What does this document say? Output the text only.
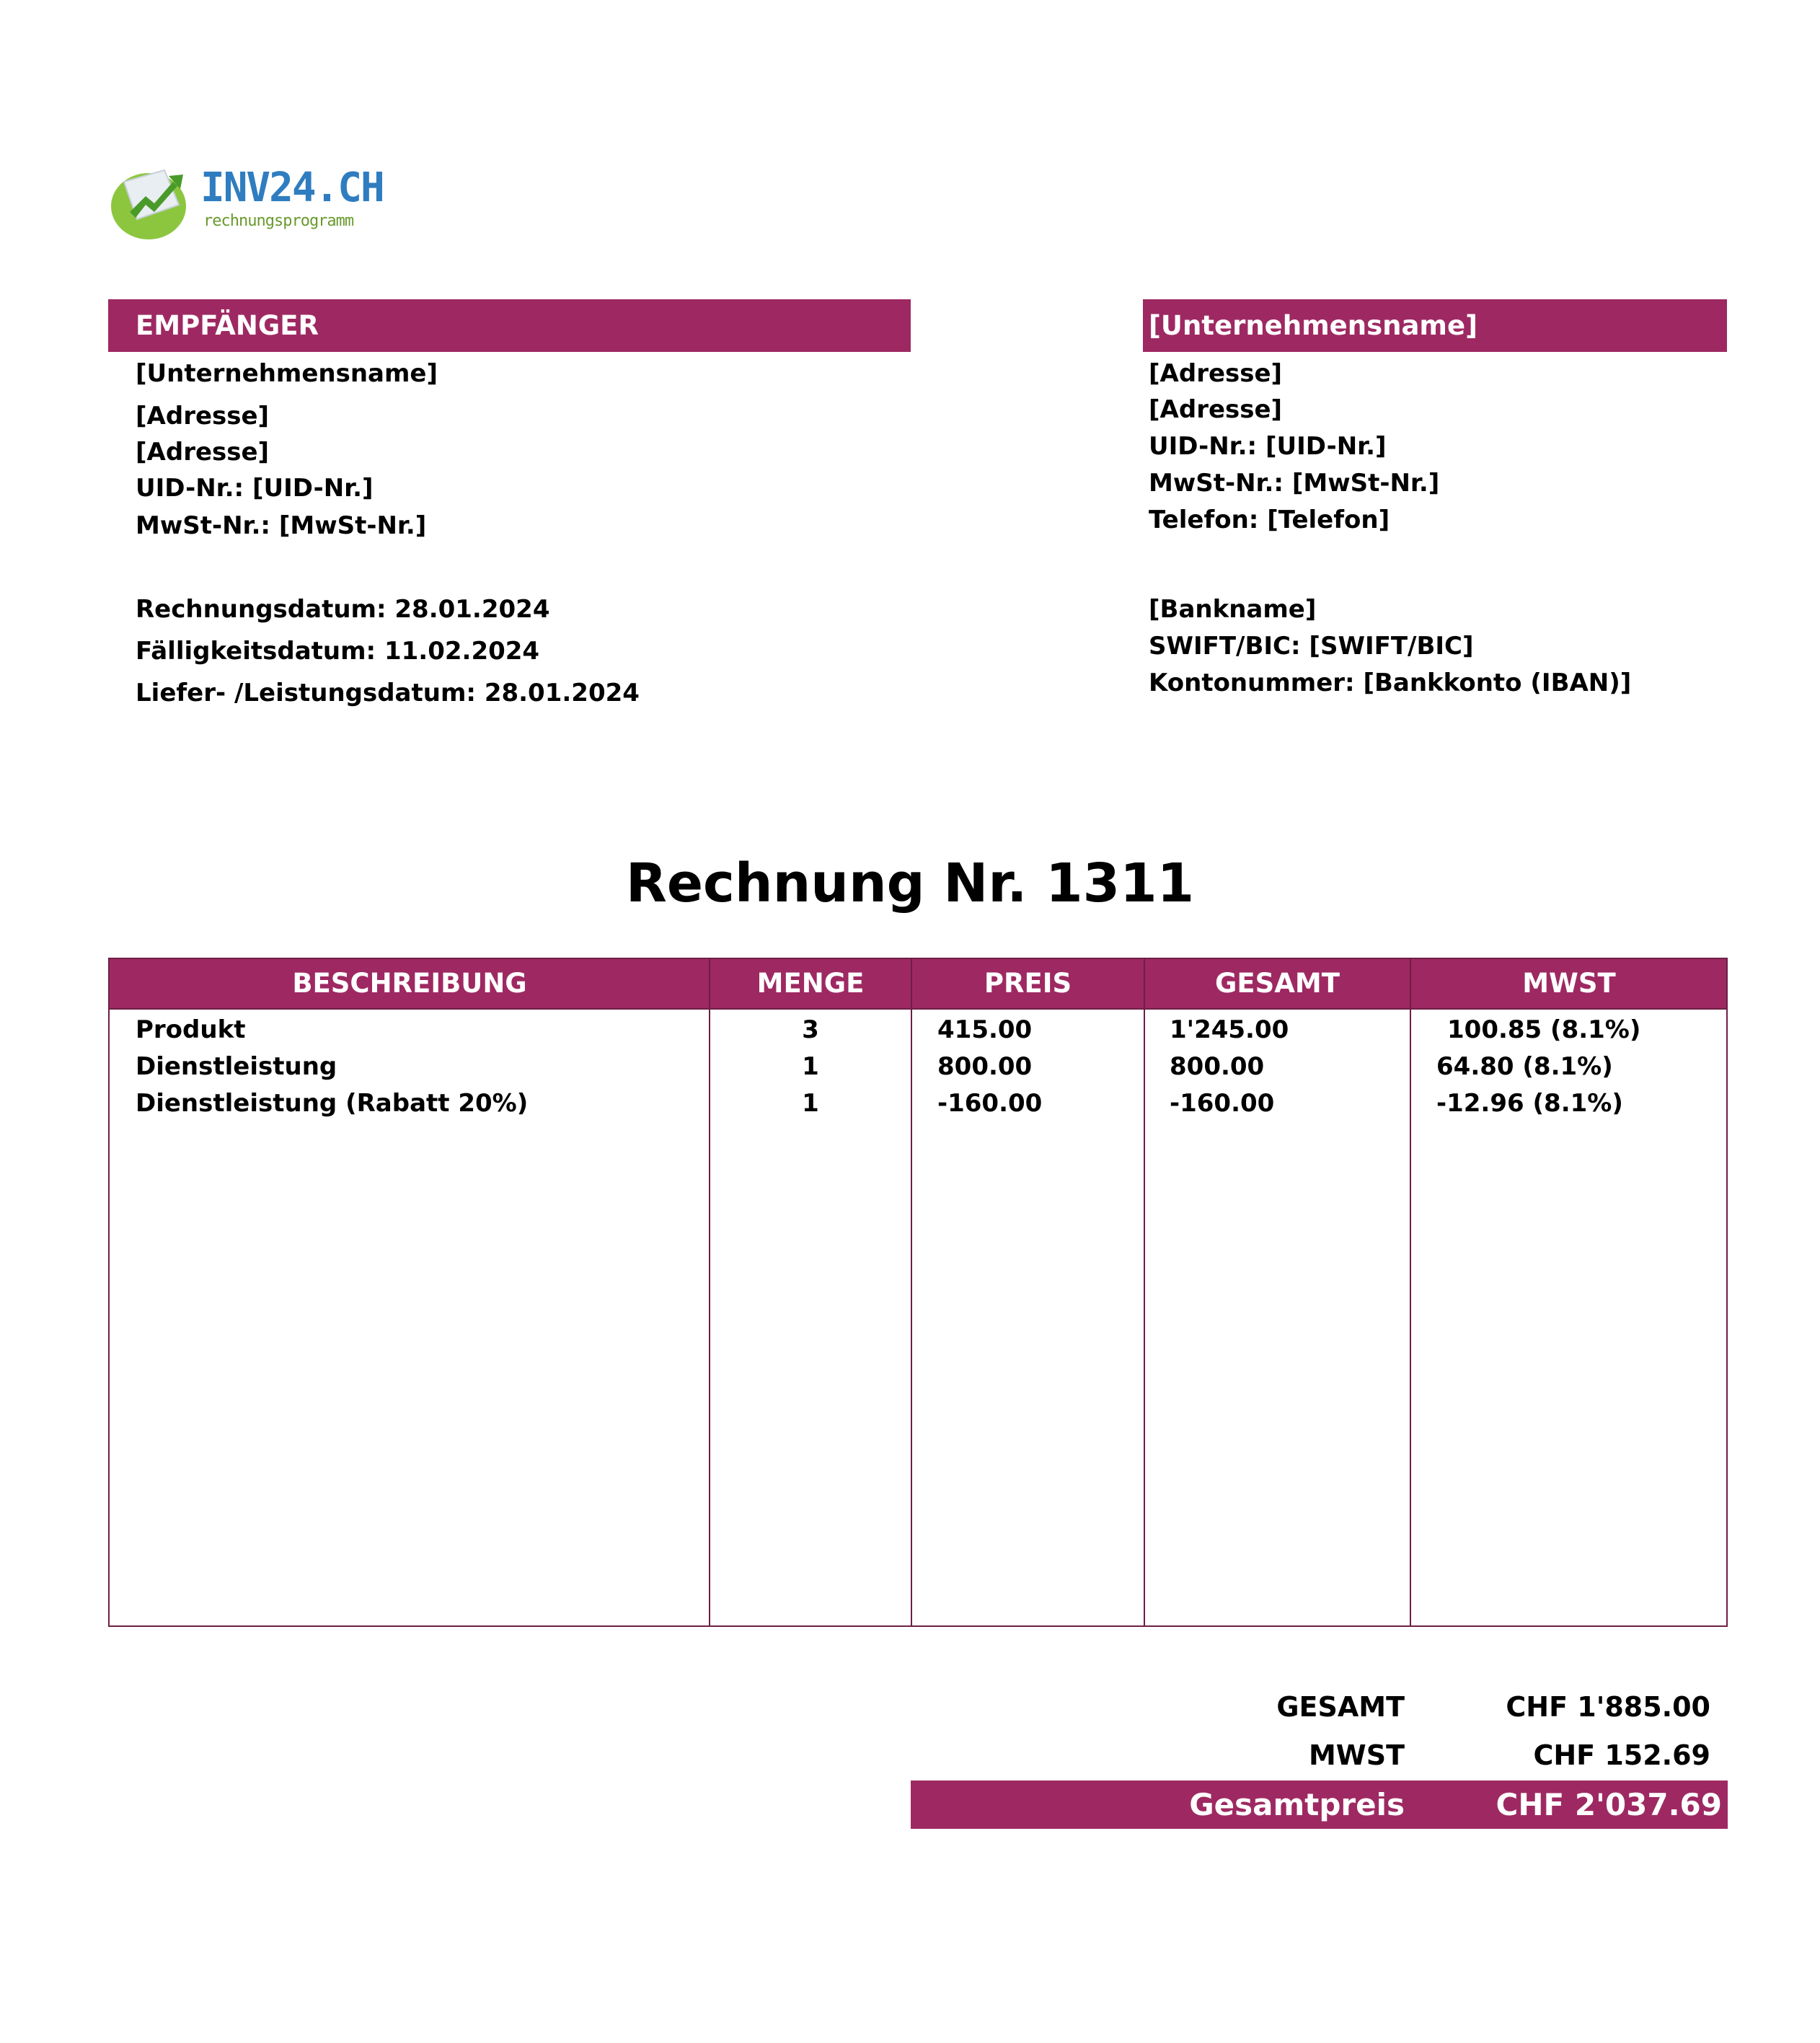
INV24.CH
rechnungsprogramm
EMPFÄNGER
[Unternehmensname]
[Adresse]
[Adresse]
UID-Nr.: [UID-Nr.]
MwSt-Nr.: [MwSt-Nr.]
Rechnungsdatum: 28.01.2024
Fälligkeitsdatum: 11.02.2024
Liefer- /Leistungsdatum: 28.01.2024
[Unternehmensname]
[Adresse]
[Adresse]
UID-Nr.: [UID-Nr.]
MwSt-Nr.: [MwSt-Nr.]
Telefon: [Telefon]
[Bankname]
SWIFT/BIC: [SWIFT/BIC]
Kontonummer: [Bankkonto (IBAN)]
Rechnung Nr. 1311
BESCHREIBUNG	MENGE	PREIS	GESAMT	MWST
Produkt	3	415.00	1'245.00	100.85 (8.1%)
Dienstleistung	1	800.00	800.00	64.80 (8.1%)
Dienstleistung (Rabatt 20%)	1	-160.00	-160.00	-12.96 (8.1%)
GESAMT	CHF 1'885.00
MWST	CHF 152.69
Gesamtpreis	CHF 2'037.69
